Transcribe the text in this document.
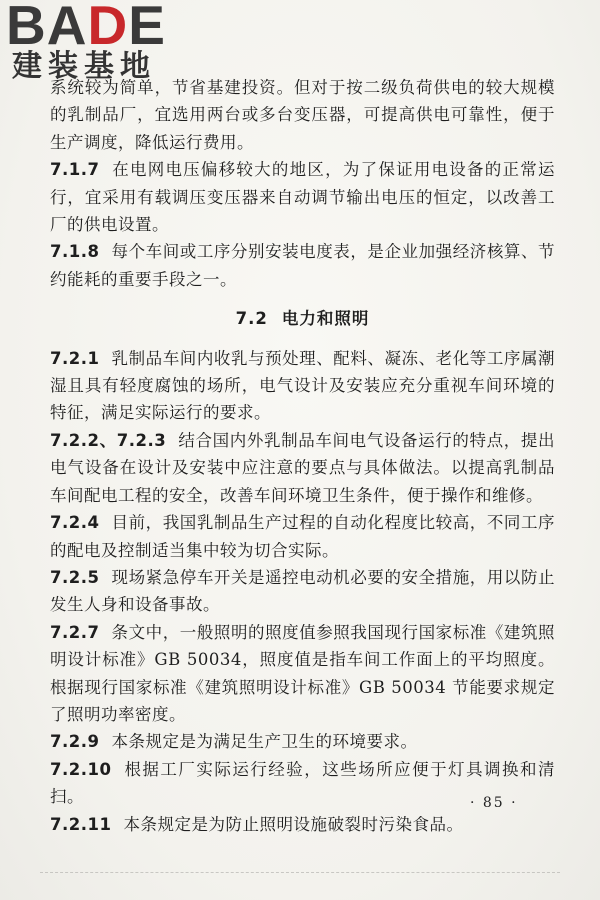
BADE
建装基地

系统较为简单，节省基建投资。但对于按二级负荷供电的较大规模的乳制品厂，宜选用两台或多台变压器，可提高供电可靠性，便于生产调度，降低运行费用。

7.1.7 在电网电压偏移较大的地区，为了保证用电设备的正常运行，宜采用有载调压变压器来自动调节输出电压的恒定，以改善工厂的供电设置。

7.1.8 每个车间或工序分别安装电度表，是企业加强经济核算、节约能耗的重要手段之一。

7.2 电力和照明

7.2.1 乳制品车间内收乳与预处理、配料、凝冻、老化等工序属潮湿且具有轻度腐蚀的场所，电气设计及安装应充分重视车间环境的特征，满足实际运行的要求。

7.2.2、7.2.3 结合国内外乳制品车间电气设备运行的特点，提出电气设备在设计及安装中应注意的要点与具体做法。以提高乳制品车间配电工程的安全，改善车间环境卫生条件，便于操作和维修。

7.2.4 目前，我国乳制品生产过程的自动化程度比较高，不同工序的配电及控制适当集中较为切合实际。

7.2.5 现场紧急停车开关是遥控电动机必要的安全措施，用以防止发生人身和设备事故。

7.2.7 条文中，一般照明的照度值参照我国现行国家标准《建筑照明设计标准》GB 50034，照度值是指车间工作面上的平均照度。根据现行国家标准《建筑照明设计标准》GB 50034 节能要求规定了照明功率密度。

7.2.9 本条规定是为满足生产卫生的环境要求。

7.2.10 根据工厂实际运行经验，这些场所应便于灯具调换和清扫。

7.2.11 本条规定是为防止照明设施破裂时污染食品。

· 85 ·
